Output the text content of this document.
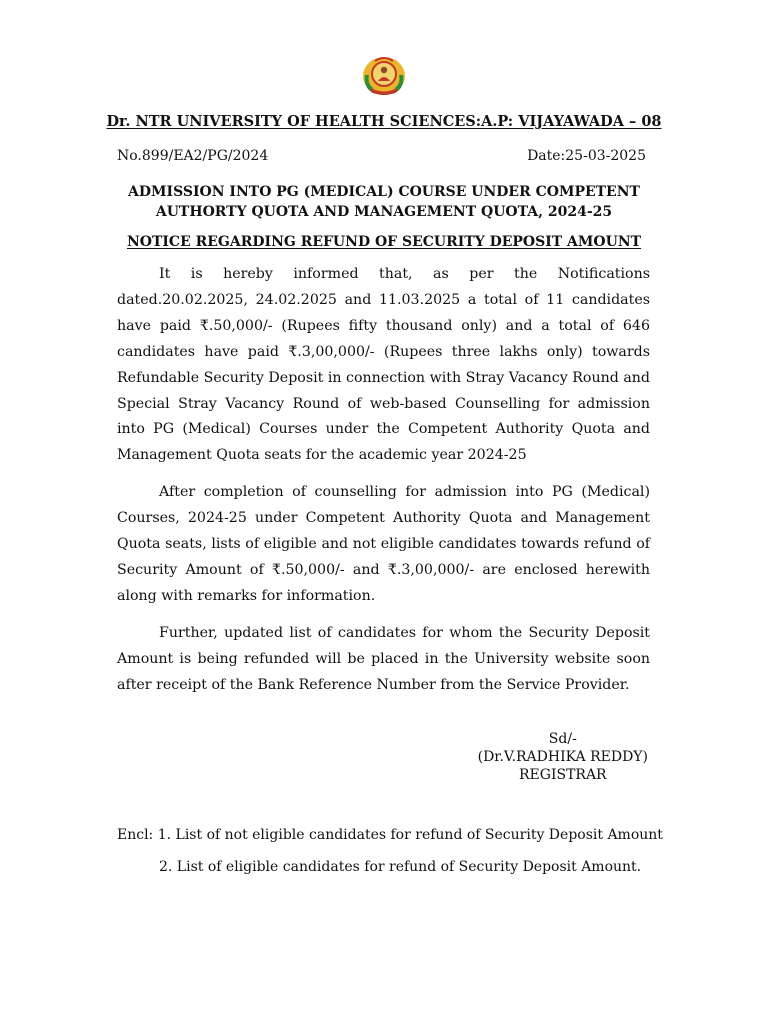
Dr. NTR UNIVERSITY OF HEALTH SCIENCES:A.P: VIJAYAWADA – 08
No.899/EA2/PG/2024	Date:25-03-2025
ADMISSION INTO PG (MEDICAL) COURSE UNDER COMPETENT
AUTHORTY QUOTA AND MANAGEMENT QUOTA, 2024-25
NOTICE REGARDING REFUND OF SECURITY DEPOSIT AMOUNT

It is hereby informed that, as per the Notifications dated.20.02.2025, 24.02.2025 and 11.03.2025 a total of 11 candidates have paid ₹.50,000/- (Rupees fifty thousand only) and a total of 646 candidates have paid ₹.3,00,000/- (Rupees three lakhs only) towards Refundable Security Deposit in connection with Stray Vacancy Round and Special Stray Vacancy Round of web-based Counselling for admission into PG (Medical) Courses under the Competent Authority Quota and Management Quota seats for the academic year 2024-25

After completion of counselling for admission into PG (Medical) Courses, 2024-25 under Competent Authority Quota and Management Quota seats, lists of eligible and not eligible candidates towards refund of Security Amount of ₹.50,000/- and ₹.3,00,000/- are enclosed herewith along with remarks for information.

Further, updated list of candidates for whom the Security Deposit Amount is being refunded will be placed in the University website soon after receipt of the Bank Reference Number from the Service Provider.

Sd/-
(Dr.V.RADHIKA REDDY)
REGISTRAR
Encl: 1. List of not eligible candidates for refund of Security Deposit Amount
2. List of eligible candidates for refund of Security Deposit Amount.
